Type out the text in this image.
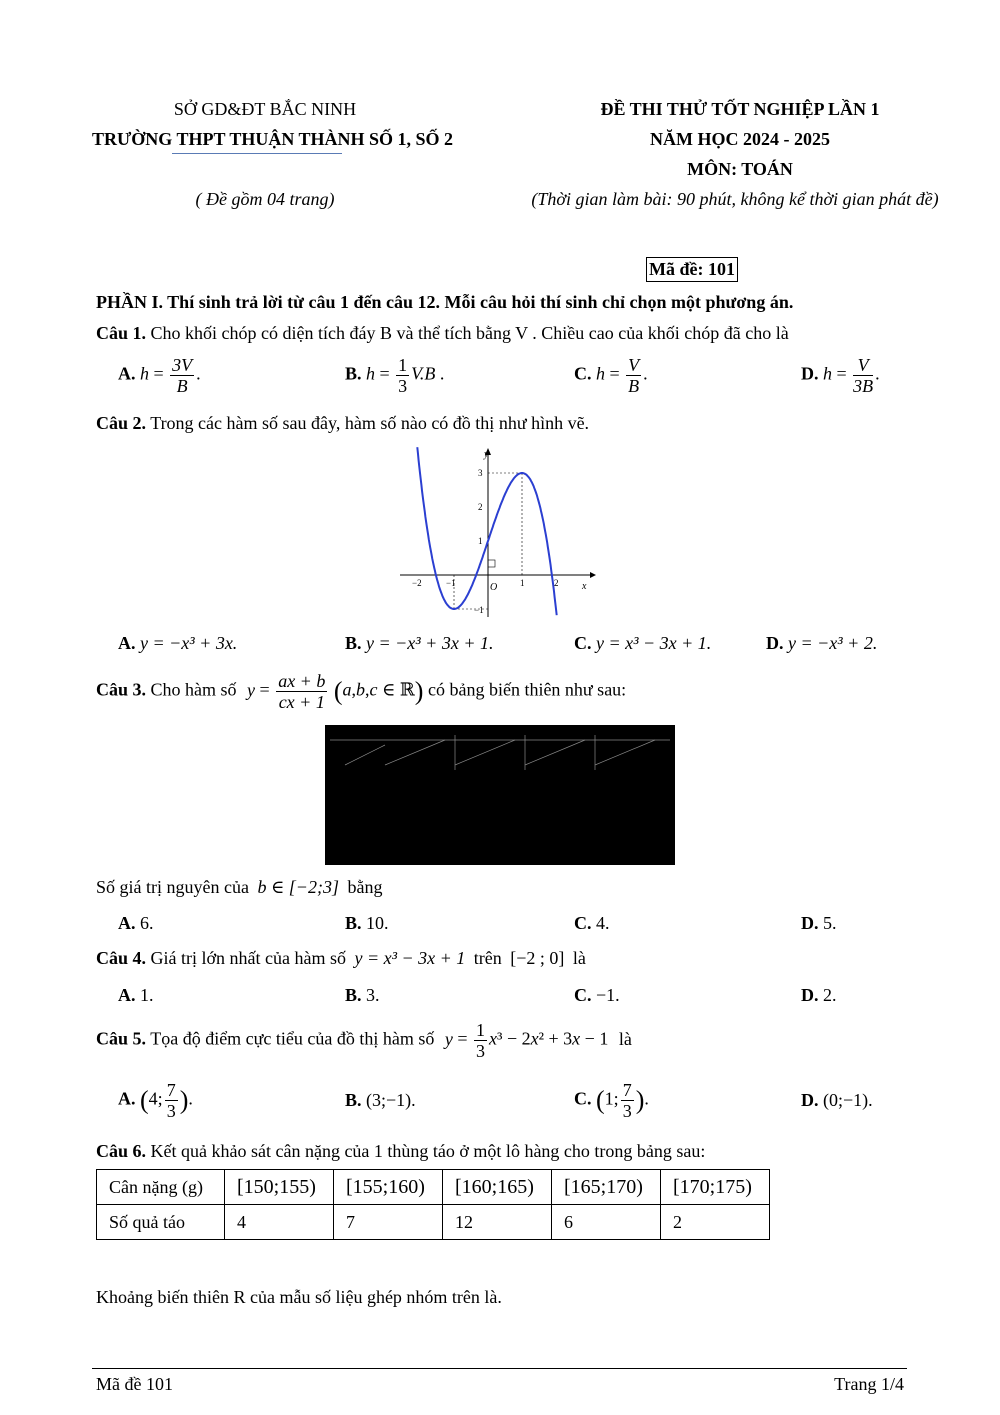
SỞ GD&ĐT BẮC NINH
TRƯỜNG THPT THUẬN THÀNH SỐ 1, SỐ 2
( Đề gồm 04 trang)
ĐỀ THI THỬ TỐT NGHIỆP LẦN 1
NĂM HỌC 2024 - 2025
MÔN: TOÁN
(Thời gian làm bài: 90 phút, không kể thời gian phát đề)
Mã đề: 101
PHẦN I. Thí sinh trả lời từ câu 1 đến câu 12. Mỗi câu hỏi thí sinh chỉ chọn một phương án.
Câu 1. Cho khối chóp có diện tích đáy B và thể tích bằng V . Chiều cao của khối chóp đã cho là
A. $h = \frac{3V}{B}$ .	B. $h = \frac{1}{3} V.B$ .	C. $h = \frac{V}{B}$ .	D. $h = \frac{V}{3B}$ .
Câu 2. Trong các hàm số sau đây, hàm số nào có đồ thị như hình vẽ.
y
x
O
−2	−1	1	2
3
2
1
−1
A. y = −x³ + 3x.	B. y = −x³ + 3x + 1.	C. y = x³ − 3x + 1.	D. y = −x³ + 2.
Câu 3. Cho hàm số $y = \frac{ax + b}{cx + 1} (a,b,c$ ∈ ℝ) có bảng biến thiên như sau:
Số giá trị nguyên của b ∈ [−2;3] bằng
A. 6.	B. 10.	C. 4.	D. 5.
Câu 4. Giá trị lớn nhất của hàm số y = x³ − 3x + 1 trên [−2 ; 0] là
A. 1.	B. 3.	C. −1.	D. 2.
Câu 5. Tọa độ điểm cực tiểu của đồ thị hàm số $y = \frac{1}{3} x^3 - 2x^2 + 3x - 1$ là
A. (4; $\frac{7}{3}$ ).	B. (3;−1).	C. (1; $\frac{7}{3}$ ).	D. (0;−1).
Câu 6. Kết quả khảo sát cân nặng của 1 thùng táo ở một lô hàng cho trong bảng sau:
Cân nặng (g)	[150;155)	[155;160)	[160;165)	[165;170)	[170;175)
Số quả táo	4	7	12	6	2
Khoảng biến thiên R của mẫu số liệu ghép nhóm trên là.
Mã đề 101	Trang 1/4
